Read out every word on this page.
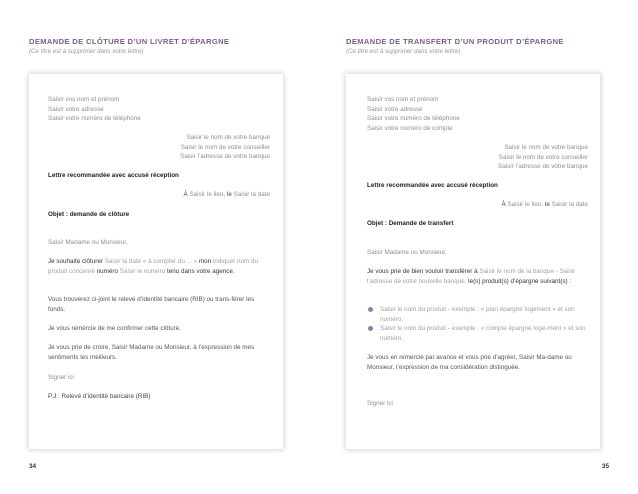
DEMANDE DE CLÔTURE D’UN LIVRET D’ÉPARGNE
(Ce titre est à supprimer dans votre lettre)
Saisir vos nom et prénom
Saisir votre adresse
Saisir votre numéro de téléphone
Saisir le nom de votre banque
Saisir le nom de votre conseiller
Saisir l’adresse de votre banque
Lettre recommandée avec accusé réception
À Saisir le lieu, le Saisir la date
Objet : demande de clôture
Saisir Madame ou Monsieur,
Je souhaite clôturer Saisir la date « à compter du ... » mon indiquer nom du produit concerné numéro Saisir le numéro tenu dans votre agence.
Vous trouverez ci-joint le relevé d’identité bancaire (RIB) ou trans-férer les fonds.
Je vous remercie de me confirmer cette clôture.
Je vous prie de croire, Saisir Madame ou Monsieur, à l’expression de mes sentiments les meilleurs.
Signer ici
P.J : Relevé d’identité bancaire (RIB)
34
DEMANDE DE TRANSFERT D’UN PRODUIT D’ÉPARGNE
(Ce titre est à supprimer dans votre lettre)
Saisir vos nom et prénom
Saisir votre adresse
Saisir votre numéro de téléphone
Saisir votre numéro de compte
Saisir le nom de votre banque
Saisir le nom de votre conseiller
Saisir l’adresse de votre banque
Lettre recommandée avec accusé réception
À Saisir le lieu, le Saisir la date
Objet : Demande de transfert
Saisir Madame ou Monsieur,
Je vous prie de bien vouloir transférer à Saisir le nom de la banque - Saisir l’adresse de votre nouvelle banque, le(s) produit(s) d’épargne suivant(s) :
Saisir le nom du produit - exemple : « plan épargne logement » et son numéro,
Saisir le nom du produit - exemple : « compte épargne loge-ment » et son numéro.
Je vous en remercie par avance et vous prie d’agréer, Saisir Ma-dame ou Monsieur, l’expression de ma considération distinguée.
Signer ici
35
